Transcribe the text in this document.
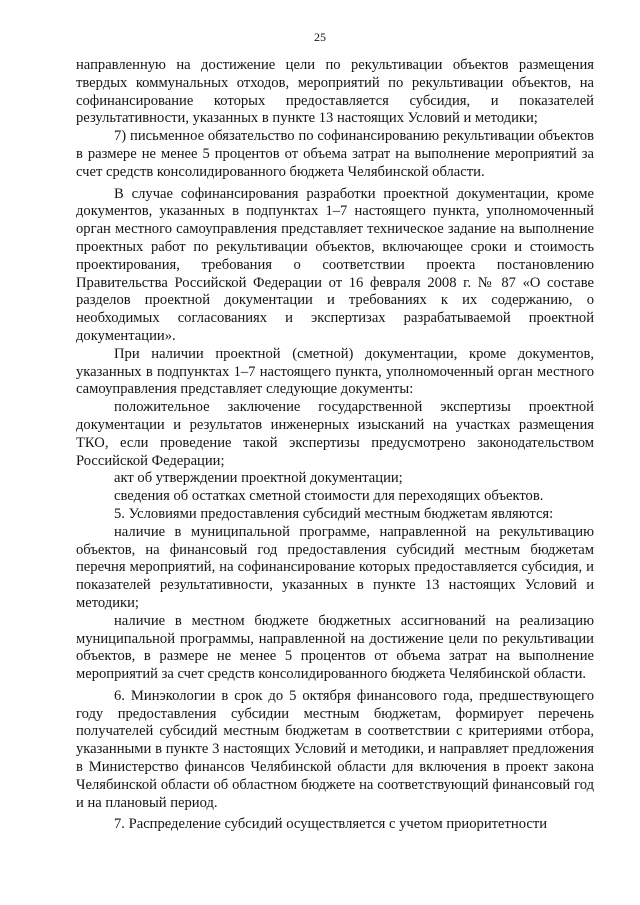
25

направленную на достижение цели по рекультивации объектов размещения твердых коммунальных отходов, мероприятий по рекультивации объектов, на софинансирование которых предоставляется субсидия, и показателей результативности, указанных в пункте 13 настоящих Условий и методики;

7) письменное обязательство по софинансированию рекультивации объектов в размере не менее 5 процентов от объема затрат на выполнение мероприятий за счет средств консолидированного бюджета Челябинской области.

В случае софинансирования разработки проектной документации, кроме документов, указанных в подпунктах 1–7 настоящего пункта, уполномоченный орган местного самоуправления представляет техническое задание на выполнение проектных работ по рекультивации объектов, включающее сроки и стоимость проектирования, требования о соответствии проекта постановлению Правительства Российской Федерации от 16 февраля 2008 г. № 87 «О составе разделов проектной документации и требованиях к их содержанию, о необходимых согласованиях и экспертизах разрабатываемой проектной документации».

При наличии проектной (сметной) документации, кроме документов, указанных в подпунктах 1–7 настоящего пункта, уполномоченный орган местного самоуправления представляет следующие документы:

положительное заключение государственной экспертизы проектной документации и результатов инженерных изысканий на участках размещения ТКО, если проведение такой экспертизы предусмотрено законодательством Российской Федерации;

акт об утверждении проектной документации;

сведения об остатках сметной стоимости для переходящих объектов.

5. Условиями предоставления субсидий местным бюджетам являются:

наличие в муниципальной программе, направленной на рекультивацию объектов, на финансовый год предоставления субсидий местным бюджетам перечня мероприятий, на софинансирование которых предоставляется субсидия, и показателей результативности, указанных в пункте 13 настоящих Условий и методики;

наличие в местном бюджете бюджетных ассигнований на реализацию муниципальной программы, направленной на достижение цели по рекультивации объектов, в размере не менее 5 процентов от объема затрат на выполнение мероприятий за счет средств консолидированного бюджета Челябинской области.

6. Минэкологии в срок до 5 октября финансового года, предшествующего году предоставления субсидии местным бюджетам, формирует перечень получателей субсидий местным бюджетам в соответствии с критериями отбора, указанными в пункте 3 настоящих Условий и методики, и направляет предложения в Министерство финансов Челябинской области для включения в проект закона Челябинской области об областном бюджете на соответствующий финансовый год и на плановый период.

7. Распределение субсидий осуществляется с учетом приоритетности
